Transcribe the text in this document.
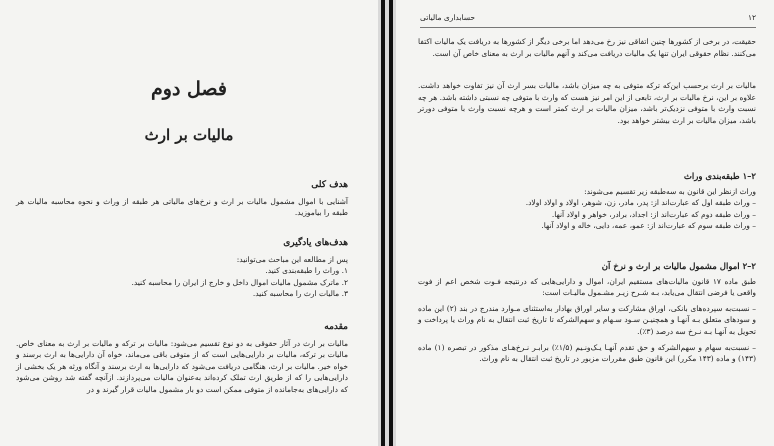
فصل دوم
مالیات بر ارث
هدف کلی

آشنایی با اموال مشمول مالیات بر ارث و نرخ‌های مالیاتی هر طبقه از وراث و نحوه محاسبه مالیات هر طبقه را بیاموزید.

هدف‌های یادگیری

پس از مطالعه این مباحث می‌توانید:

۱. وراث را طبقه‌بندی کنید.

۲. ماترک مشمول مالیات اموال داخل و خارج از ایران را محاسبه کنید.

۳. مالیات ارث را محاسبه کنید.

مقدمه

مالیات بر ارث در آثار حقوقی به دو نوع تقسیم می‌شود: مالیات بر ترکه و مالیات بر ارث به معنای خاص. مالیات بر ترکه، مالیات بر دارایی‌هایی است که از متوفی باقی می‌ماند، خواه آن دارایی‌ها به ارث برسند و خواه خیر. مالیات بر ارث، هنگامی دریافت می‌شود که دارایی‌ها به ارث برسند و آنگاه ورثه هر یک بخشی از دارایی‌هایی را که از طریق ارث تملک کرده‌اند به‌عنوان مالیات می‌پردازند. ازآنچه گفته شد روشن می‌شود که دارایی‌های به‌جامانده از متوفی ممکن است دو بار مشمول مالیات قرار گیرند و در

۱۲
حسابداری مالیاتی
حقیقت، در برخی از کشورها چنین اتفاقی نیز رخ می‌دهد اما برخی دیگر از کشورها به دریافت یک مالیات اکتفا می‌کنند. نظام حقوقی ایران تنها یک مالیات دریافت می‌کند و آنهم مالیات بر ارث به معنای خاص آن است.
مالیات بر ارث برحسب این‌که ترکه متوفی به چه میزان باشد، مالیات بسر ارث آن نیز تفاوت خواهد داشت. علاوه بر این، نرخ مالیات بر ارث، تابعی از این امر نیز هست که وارث با متوفی چه نسبتی داشته باشد. هر چه نسبت وارث با متوفی نزدیک‌تر باشد، میزان مالیات بر ارث کمتر است و هرچه نسبت وارث با متوفی دورتر باشد، میزان مالیات بر ارث بیشتر خواهد بود.
۲–۱ طبقه‌بندی وراث

وراث ازنظر این قانون به سه‌طبقه زیر تقسیم می‌شوند:

– وراث طبقه اول که عبارت‌اند از: پدر، مادر، زن، شوهر، اولاد و اولاد اولاد.

– وراث طبقه دوم که عبارت‌اند از: اجداد، برادر، خواهر و اولاد آنها.

– وراث طبقه سوم که عبارت‌اند از: عمو، عمه، دایی، خاله و اولاد آنها.

۲–۲ اموال مشمول مالیات بر ارث و نرخ آن

طبق ماده ۱۷ قانون مالیات‌های مستقیم ایران، اموال و دارایی‌هایی که درنتیجه فـوت شخص اعم از فوت واقعی یا فرضی انتقال می‌یابد، بـه شـرح زیـر مشـمول مالیـات است:

– نسبت‌به سپرده‌های بانکی، اوراق مشارکت و سایر اوراق بهادار به‌استثنای مـوارد مندرج در بند (۲) این ماده و سودهای متعلق بـه آنهـا و همچنیـن سـود سـهام و سهم‌الشرکه تا تاریخ ثبت انتقال به نام وراث یا پرداخت و تحویل به آنهـا بـه نـرخ سه درصد (۳٪).

– نسبت‌به سهام و سهم‌الشرکه و حق تقدم آنهـا یـک‌ونـیم (۱/۵٪) برابـر نـرخ‌هـای مذکور در تبصره (۱) ماده (۱۴۳) و ماده (۱۴۳ مکرر) این قانون طبق مقررات مزبور در تاریخ ثبت انتقال به نام وراث.
